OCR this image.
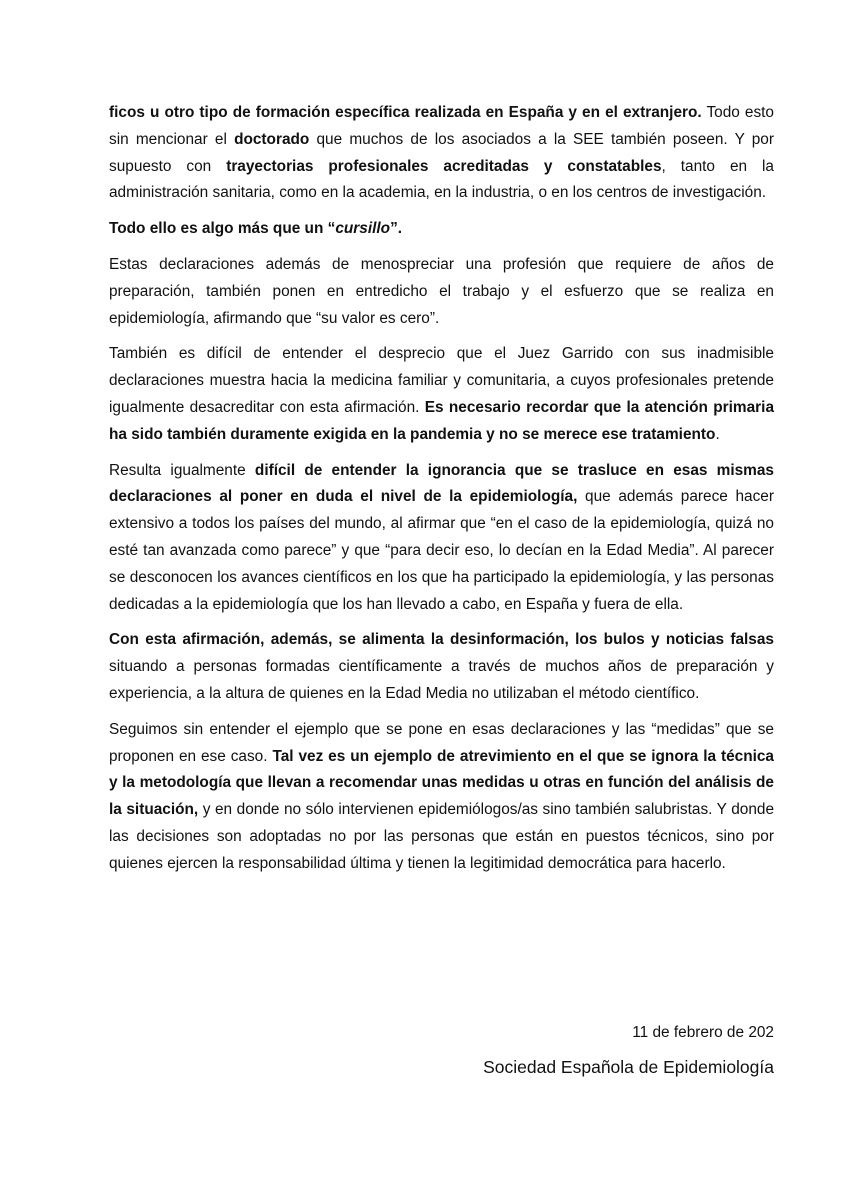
ficos u otro tipo de formación específica realizada en España y en el extranjero. Todo esto sin mencionar el doctorado que muchos de los asociados a la SEE también poseen. Y por supuesto con trayectorias profesionales acreditadas y constatables, tanto en la administración sanitaria, como en la academia, en la industria, o en los centros de investigación.

Todo ello es algo más que un “cursillo”.

Estas declaraciones además de menospreciar una profesión que requiere de años de preparación, también ponen en entredicho el trabajo y el esfuerzo que se realiza en epidemiología, afirmando que “su valor es cero”.

También es difícil de entender el desprecio que el Juez Garrido con sus inadmisible declaraciones muestra hacia la medicina familiar y comunitaria, a cuyos profesionales pretende igualmente desacreditar con esta afirmación. Es necesario recordar que la atención primaria ha sido también duramente exigida en la pandemia y no se merece ese tratamiento.

Resulta igualmente difícil de entender la ignorancia que se trasluce en esas mismas declaraciones al poner en duda el nivel de la epidemiología, que además parece hacer extensivo a todos los países del mundo, al afirmar que “en el caso de la epidemiología, quizá no esté tan avanzada como parece” y que “para decir eso, lo decían en la Edad Media”. Al parecer se desconocen los avances científicos en los que ha participado la epidemiología, y las personas dedicadas a la epidemiología que los han llevado a cabo, en España y fuera de ella.

Con esta afirmación, además, se alimenta la desinformación, los bulos y noticias falsas situando a personas formadas científicamente a través de muchos años de preparación y experiencia, a la altura de quienes en la Edad Media no utilizaban el método científico.

Seguimos sin entender el ejemplo que se pone en esas declaraciones y las “medidas” que se proponen en ese caso. Tal vez es un ejemplo de atrevimiento en el que se ignora la técnica y la metodología que llevan a recomendar unas medidas u otras en función del análisis de la situación, y en donde no sólo intervienen epidemiólogos/as sino también salubristas. Y donde las decisiones son adoptadas no por las personas que están en puestos técnicos, sino por quienes ejercen la responsabilidad última y tienen la legitimidad democrática para hacerlo.

11 de febrero de 202
Sociedad Española de Epidemiología
